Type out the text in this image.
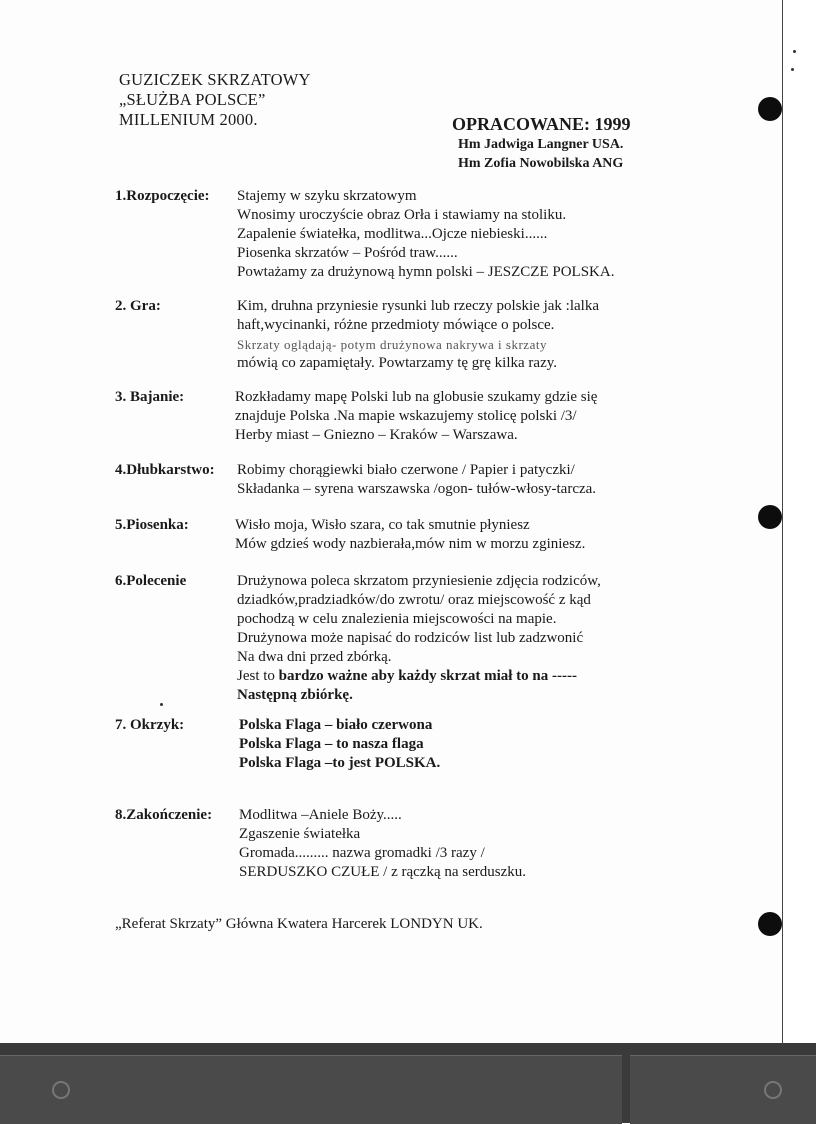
GUZICZEK SKRZATOWY
„SŁUŻBA POLSCE”
MILLENIUM 2000.	OPRACOWANE: 1999
Hm Jadwiga Langner USA.
Hm Zofia Nowobilska ANG
1.Rozpoczęcie: Stajemy w szyku skrzatowym
Wnosimy uroczyście obraz Orła i stawiamy na stoliku.
Zapalenie światełka, modlitwa...Ojcze niebieski......
Piosenka skrzatów – Pośród traw......
Powtażamy za drużynową hymn polski – JESZCZE POLSKA.
2. Gra:	Kim, druhna przyniesie rysunki lub rzeczy polskie jak :lalka
haft,wycinanki, różne przedmioty mówiące o polsce.
Skrzaty oglądają- potym drużynowa nakrywa i skrzaty
mówią co zapamiętały. Powtarzamy tę grę kilka razy.
3. Bajanie:	Rozkładamy mapę Polski lub na globusie szukamy gdzie się
znajduje Polska .Na mapie wskazujemy stolicę polski /3/
Herby miast – Gniezno – Kraków – Warszawa.
4.Dłubkarstwo: Robimy chorągiewki biało czerwone / Papier i patyczki/
Składanka – syrena warszawska /ogon- tułów-włosy-tarcza.
5.Piosenka:	Wisło moja, Wisło szara, co tak smutnie płyniesz
Mów gdzieś wody nazbierała,mów nim w morzu zginiesz.
6.Polecenie	Drużynowa poleca skrzatom przyniesienie zdjęcia rodziców,
dziadków,pradziadków/do zwrotu/ oraz miejscowość z kąd
pochodzą w celu znalezienia miejscowości na mapie.
Drużynowa może napisać do rodziców list lub zadzwonić
Na dwa dni przed zbórką.
Jest to bardzo ważne aby każdy skrzat miał to na -----
Następną zbiórkę.
7. Okrzyk:	Polska Flaga – biało czerwona
Polska Flaga – to nasza flaga
Polska Flaga –to jest POLSKA.
8.Zakończenie: Modlitwa –Aniele Boży.....
Zgaszenie światełka
Gromada......... nazwa gromadki /3 razy /
SERDUSZKO CZUŁE / z rączką na serduszku.
„Referat Skrzaty” Główna Kwatera Harcerek LONDYN UK.
